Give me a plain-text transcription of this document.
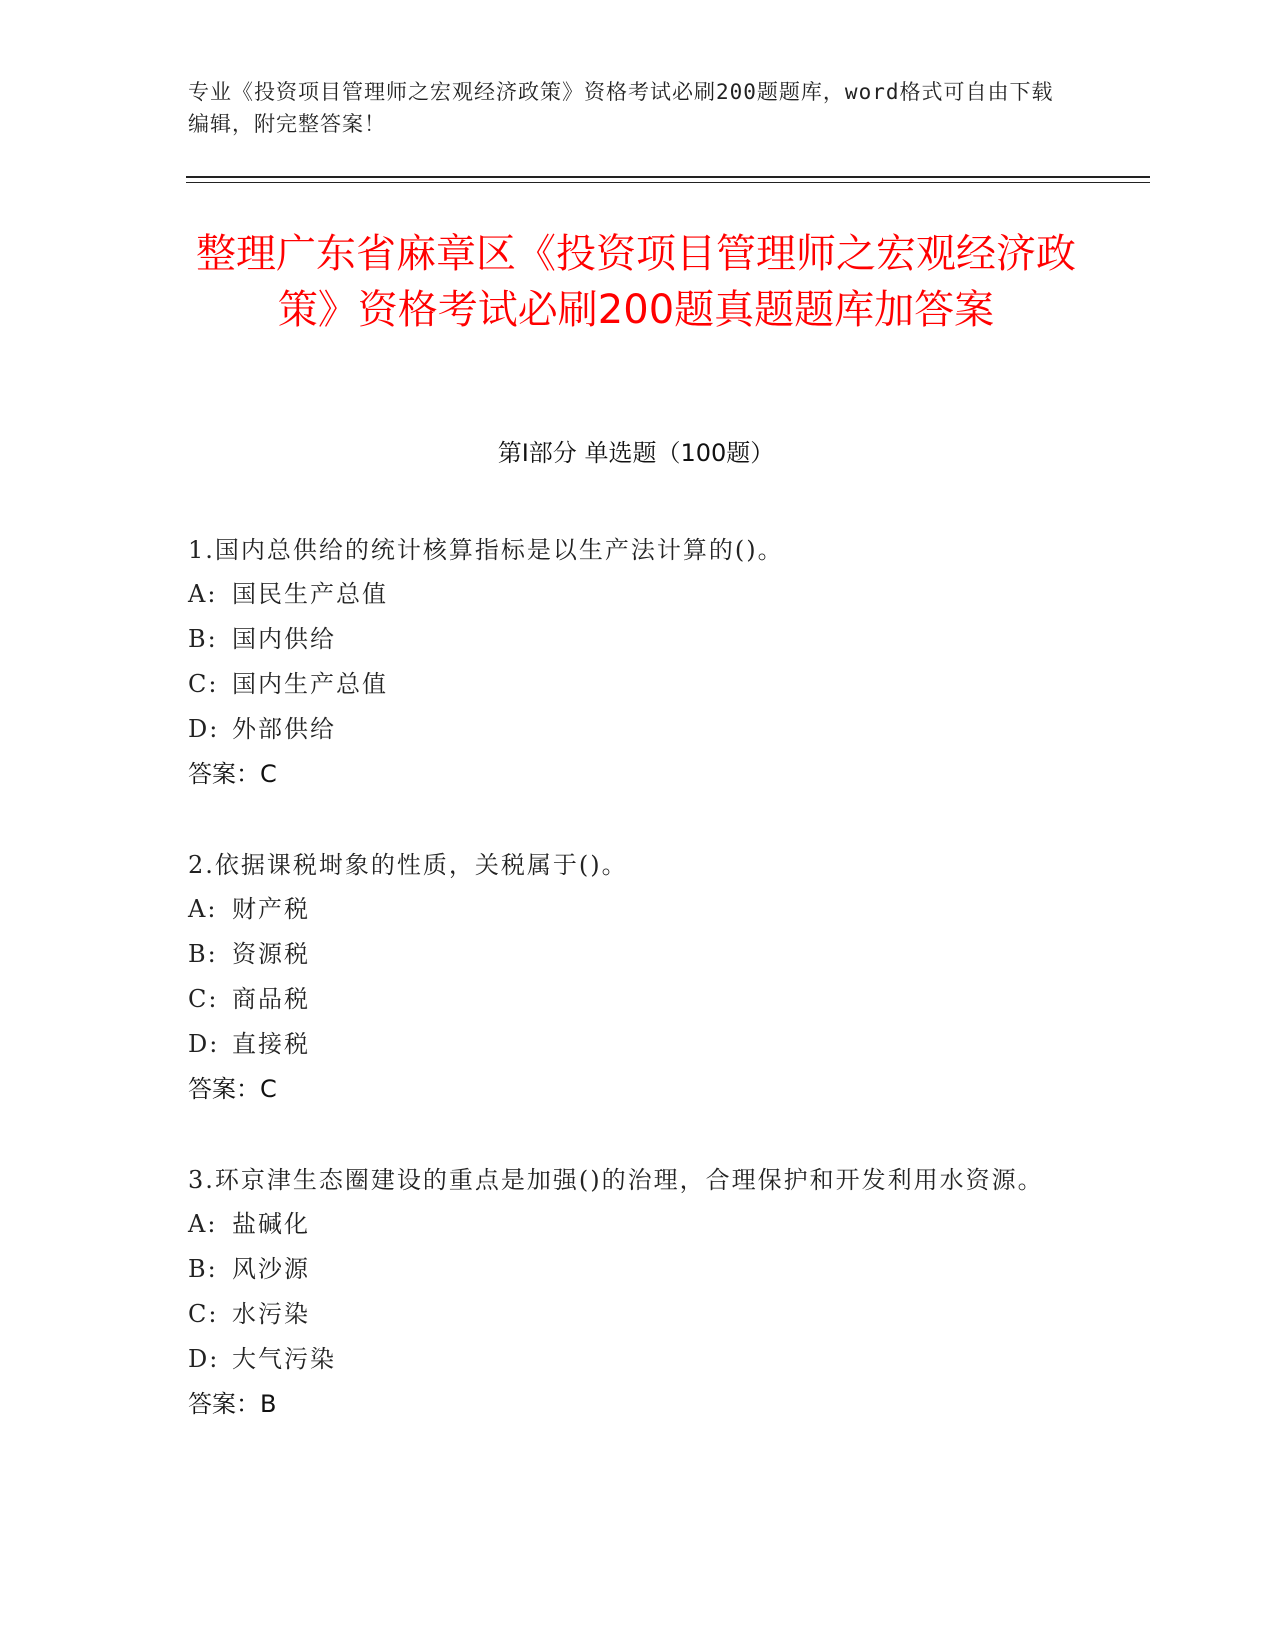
专业《投资项目管理师之宏观经济政策》资格考试必刷200题题库，word格式可自由下载编辑，附完整答案！
整理广东省麻章区《投资项目管理师之宏观经济政策》资格考试必刷200题真题题库加答案
第Ⅰ部分 单选题（100题）
1.国内总供给的统计核算指标是以生产法计算的()。
A: 国民生产总值
B: 国内供给
C: 国内生产总值
D: 外部供给
答案：C
2.依据课税埘象的性质，关税属于()。
A: 财产税
B: 资源税
C: 商品税
D: 直接税
答案：C
3.环京津生态圈建设的重点是加强()的治理，合理保护和开发利用水资源。
A: 盐碱化
B: 风沙源
C: 水污染
D: 大气污染
答案：B
